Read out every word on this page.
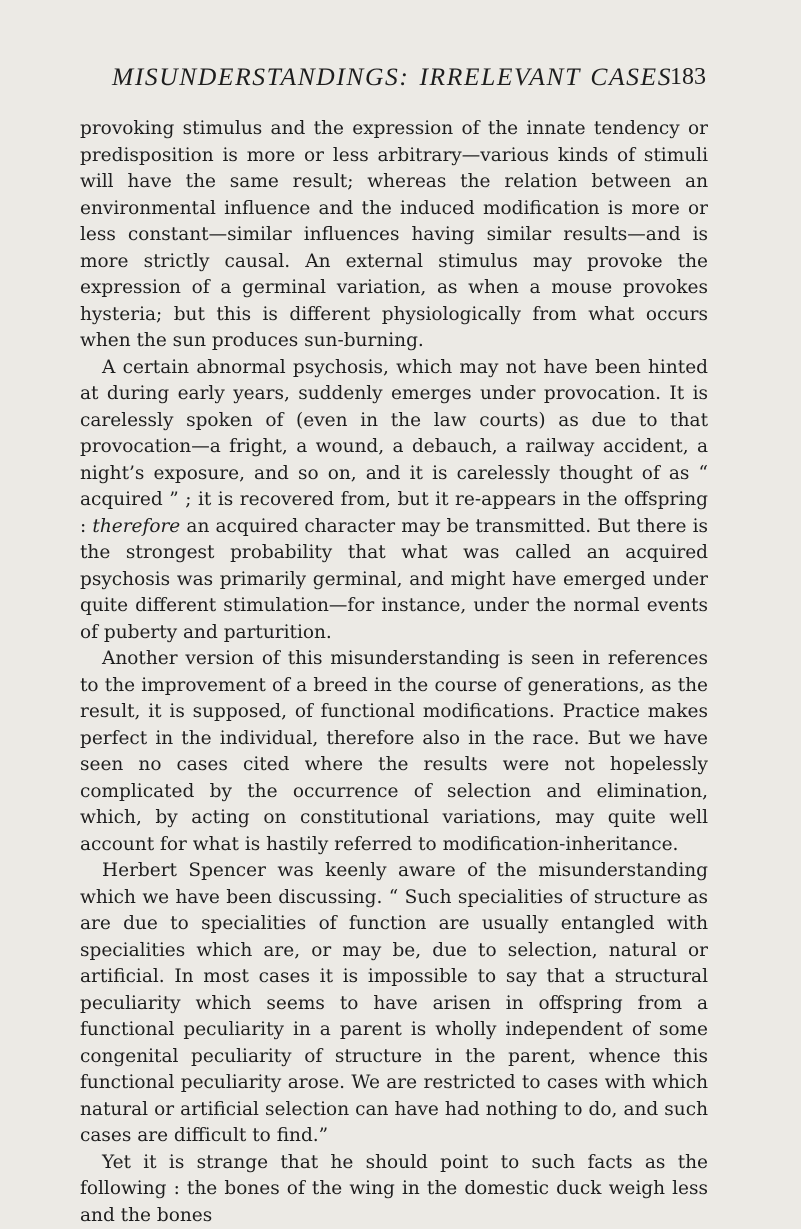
MISUNDERSTANDINGS: IRRELEVANT CASES
183

provoking stimulus and the expression of the innate tendency or predisposition is more or less arbitrary—various kinds of stimuli will have the same result; whereas the relation between an environmental influence and the induced modification is more or less constant—similar influences having similar results—and is more strictly causal. An external stimulus may provoke the expression of a germinal variation, as when a mouse provokes hysteria; but this is different physiologically from what occurs when the sun produces sun-burning.

A certain abnormal psychosis, which may not have been hinted at during early years, suddenly emerges under provocation. It is carelessly spoken of (even in the law courts) as due to that provocation—a fright, a wound, a debauch, a railway accident, a night’s exposure, and so on, and it is carelessly thought of as “ acquired ” ; it is recovered from, but it re-appears in the offspring : therefore an acquired character may be transmitted. But there is the strongest probability that what was called an acquired psychosis was primarily germinal, and might have emerged under quite different stimulation—for instance, under the normal events of puberty and parturition.

Another version of this misunderstanding is seen in references to the improvement of a breed in the course of generations, as the result, it is supposed, of functional modifications. Practice makes perfect in the individual, therefore also in the race. But we have seen no cases cited where the results were not hopelessly complicated by the occurrence of selection and elimination, which, by acting on constitutional variations, may quite well account for what is hastily referred to modification-inheritance.

Herbert Spencer was keenly aware of the misunderstanding which we have been discussing. “ Such specialities of structure as are due to specialities of function are usually entangled with specialities which are, or may be, due to selection, natural or artificial. In most cases it is impossible to say that a structural peculiarity which seems to have arisen in offspring from a functional peculiarity in a parent is wholly independent of some congenital peculiarity of structure in the parent, whence this functional peculiarity arose. We are restricted to cases with which natural or artificial selection can have had nothing to do, and such cases are difficult to find.”

Yet it is strange that he should point to such facts as the following : the bones of the wing in the domestic duck weigh less and the bones
